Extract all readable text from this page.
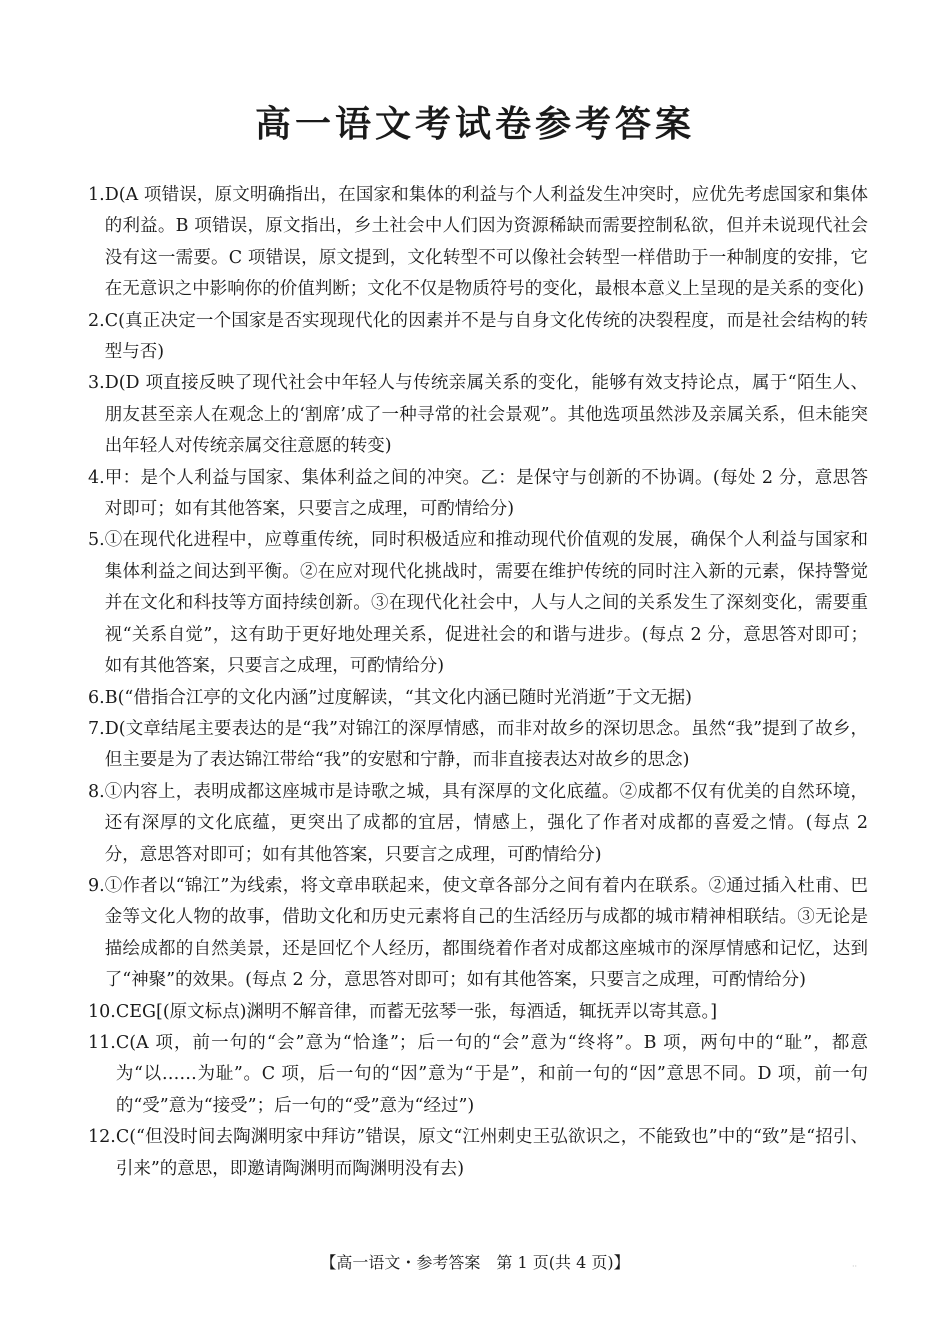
高一语文考试卷参考答案
1. D(A 项错误，原文明确指出，在国家和集体的利益与个人利益发生冲突时，应优先考虑国家和集体的利益。B 项错误，原文指出，乡土社会中人们因为资源稀缺而需要控制私欲，但并未说现代社会没有这一需要。C 项错误，原文提到，文化转型不可以像社会转型一样借助于一种制度的安排，它在无意识之中影响你的价值判断；文化不仅是物质符号的变化，最根本意义上呈现的是关系的变化)
2. C(真正决定一个国家是否实现现代化的因素并不是与自身文化传统的决裂程度，而是社会结构的转型与否)
3. D(D 项直接反映了现代社会中年轻人与传统亲属关系的变化，能够有效支持论点，属于“陌生人、朋友甚至亲人在观念上的‘割席’成了一种寻常的社会景观”。其他选项虽然涉及亲属关系，但未能突出年轻人对传统亲属交往意愿的转变)
4. 甲：是个人利益与国家、集体利益之间的冲突。乙：是保守与创新的不协调。(每处 2 分，意思答对即可；如有其他答案，只要言之成理，可酌情给分)
5. ①在现代化进程中，应尊重传统，同时积极适应和推动现代价值观的发展，确保个人利益与国家和集体利益之间达到平衡。②在应对现代化挑战时，需要在维护传统的同时注入新的元素，保持警觉并在文化和科技等方面持续创新。③在现代化社会中，人与人之间的关系发生了深刻变化，需要重视“关系自觉”，这有助于更好地处理关系，促进社会的和谐与进步。(每点 2 分，意思答对即可；如有其他答案，只要言之成理，可酌情给分)
6. B(“借指合江亭的文化内涵”过度解读，“其文化内涵已随时光消逝”于文无据)
7. D(文章结尾主要表达的是“我”对锦江的深厚情感，而非对故乡的深切思念。虽然“我”提到了故乡，但主要是为了表达锦江带给“我”的安慰和宁静，而非直接表达对故乡的思念)
8. ①内容上，表明成都这座城市是诗歌之城，具有深厚的文化底蕴。②成都不仅有优美的自然环境，还有深厚的文化底蕴，更突出了成都的宜居，情感上，强化了作者对成都的喜爱之情。(每点 2 分，意思答对即可；如有其他答案，只要言之成理，可酌情给分)
9. ①作者以“锦江”为线索，将文章串联起来，使文章各部分之间有着内在联系。②通过插入杜甫、巴金等文化人物的故事，借助文化和历史元素将自己的生活经历与成都的城市精神相联结。③无论是描绘成都的自然美景，还是回忆个人经历，都围绕着作者对成都这座城市的深厚情感和记忆，达到了“神聚”的效果。(每点 2 分，意思答对即可；如有其他答案，只要言之成理，可酌情给分)
10. CEG[(原文标点)渊明不解音律，而蓄无弦琴一张，每酒适，辄抚弄以寄其意。]
11. C(A 项，前一句的“会”意为“恰逢”；后一句的“会”意为“终将”。B 项，两句中的“耻”，都意为“以……为耻”。C 项，后一句的“因”意为“于是”，和前一句的“因”意思不同。D 项，前一句的“受”意为“接受”；后一句的“受”意为“经过”)
12. C(“但没时间去陶渊明家中拜访”错误，原文“江州刺史王弘欲识之，不能致也”中的“致”是“招引、引来”的意思，即邀请陶渊明而陶渊明没有去)
【高一语文・参考答案　第 1 页(共 4 页)】	··
